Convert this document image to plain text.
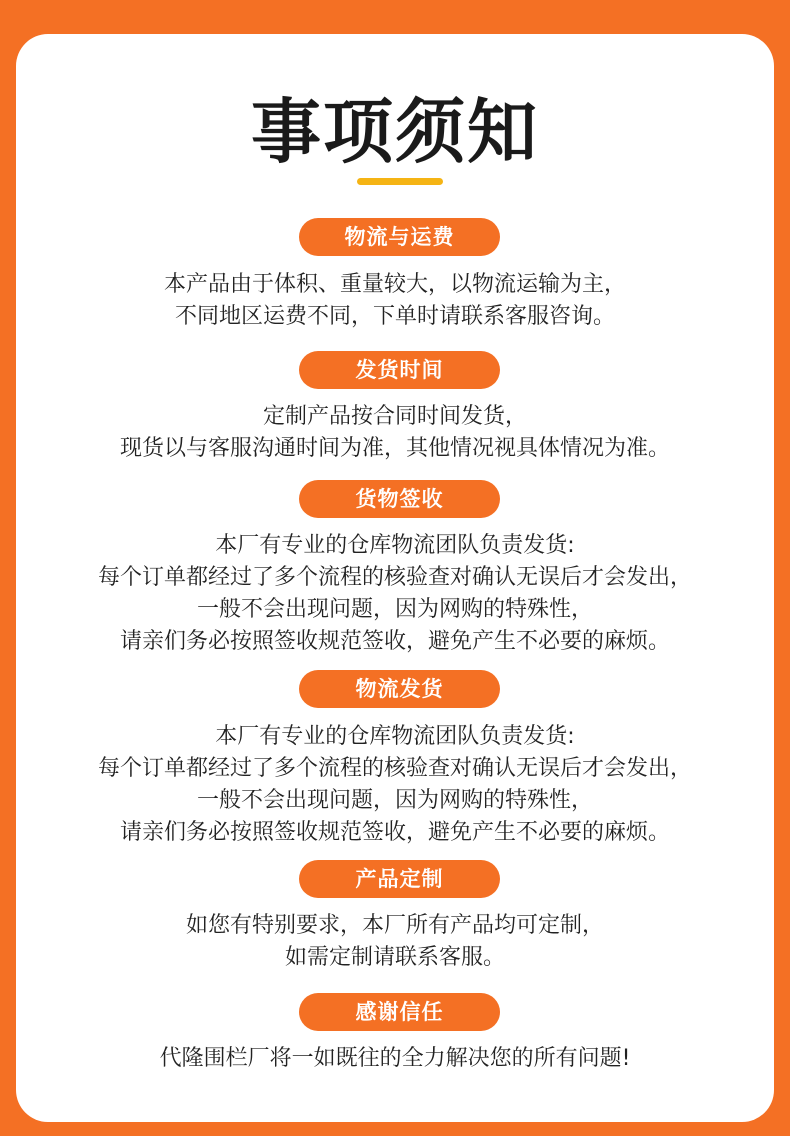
事项须知
物流与运费
本产品由于体积、重量较大，以物流运输为主，
不同地区运费不同，下单时请联系客服咨询。
发货时间
定制产品按合同时间发货，
现货以与客服沟通时间为准，其他情况视具体情况为准。
货物签收
本厂有专业的仓库物流团队负责发货:
每个订单都经过了多个流程的核验查对确认无误后才会发出，
一般不会出现问题，因为网购的特殊性，
请亲们务必按照签收规范签收，避免产生不必要的麻烦。
物流发货
本厂有专业的仓库物流团队负责发货:
每个订单都经过了多个流程的核验查对确认无误后才会发出，
一般不会出现问题，因为网购的特殊性，
请亲们务必按照签收规范签收，避免产生不必要的麻烦。
产品定制
如您有特别要求，本厂所有产品均可定制，
如需定制请联系客服。
感谢信任
代隆围栏厂将一如既往的全力解决您的所有问题!
